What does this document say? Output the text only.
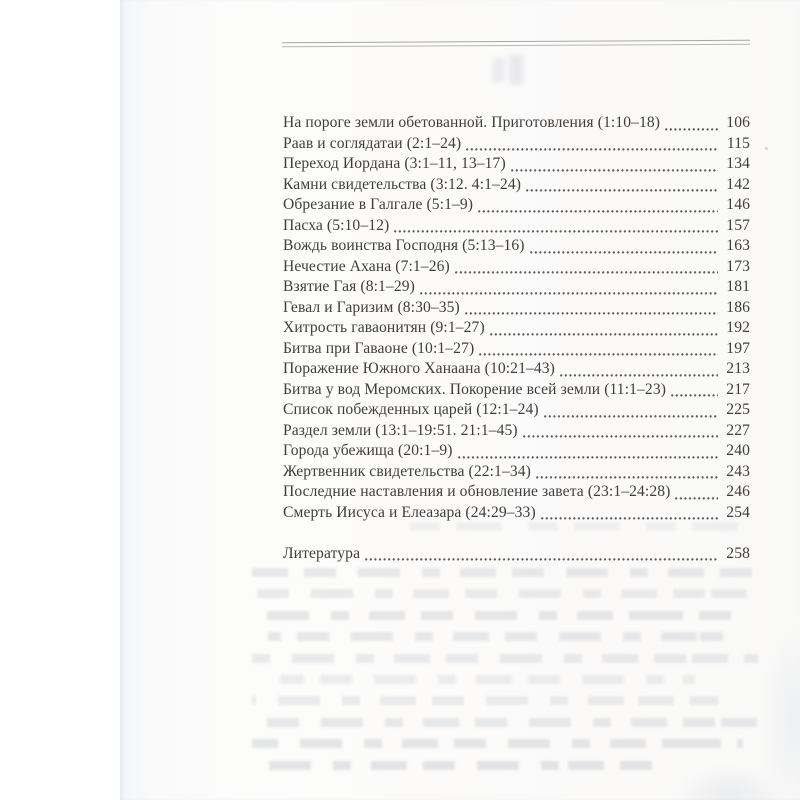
На пороге земли обетованной. Приготовления (1:10–18)	106
Раав и соглядатаи (2:1–24)	115
Переход Иордана (3:1–11, 13–17)	134
Камни свидетельства (3:12. 4:1–24)	142
Обрезание в Галгале (5:1–9)	146
Пасха (5:10–12)	157
Вождь воинства Господня (5:13–16)	163
Нечестие Ахана (7:1–26)	173
Взятие Гая (8:1–29)	181
Гевал и Гаризим (8:30–35)	186
Хитрость гаваонитян (9:1–27)	192
Битва при Гаваоне (10:1–27)	197
Поражение Южного Ханаана (10:21–43)	213
Битва у вод Меромских. Покорение всей земли (11:1–23)	217
Список побежденных царей (12:1–24)	225
Раздел земли (13:1–19:51. 21:1–45)	227
Города убежища (20:1–9)	240
Жертвенник свидетельства (22:1–34)	243
Последние наставления и обновление завета (23:1–24:28)	246
Смерть Иисуса и Елеазара (24:29–33)	254
Литература	258
